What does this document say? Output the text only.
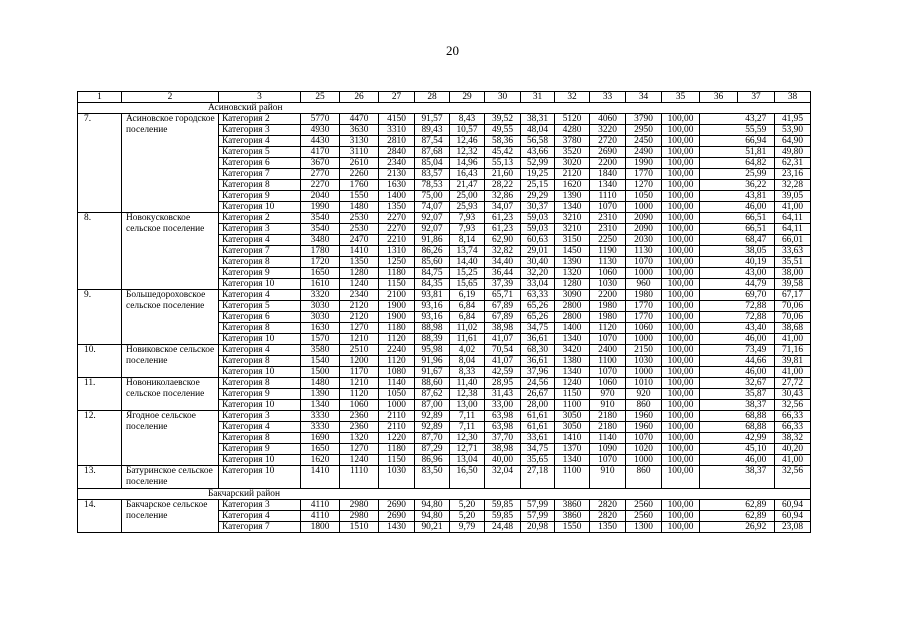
20
1	2	3	25	26	27	28	29	30	31	32	33	34	35	36	37	38
Асиновский район																
7.	Асиновское городское поселение	Категория 2	5770	4470	4150	91,57	8,43	39,52	38,31	5120	4060	3790	100,00		43,27	41,95
		Категория 3	4930	3630	3310	89,43	10,57	49,55	48,04	4280	3220	2950	100,00		55,59	53,90
		Категория 4	4430	3130	2810	87,54	12,46	58,36	56,58	3780	2720	2450	100,00		66,94	64,90
		Категория 5	4170	3110	2840	87,68	12,32	45,42	43,66	3520	2690	2490	100,00		51,81	49,80
		Категория 6	3670	2610	2340	85,04	14,96	55,13	52,99	3020	2200	1990	100,00		64,82	62,31
		Категория 7	2770	2260	2130	83,57	16,43	21,60	19,25	2120	1840	1770	100,00		25,99	23,16
		Категория 8	2270	1760	1630	78,53	21,47	28,22	25,15	1620	1340	1270	100,00		36,22	32,28
		Категория 9	2040	1550	1400	75,00	25,00	32,86	29,29	1390	1110	1050	100,00		43,81	39,05
		Категория 10	1990	1480	1350	74,07	25,93	34,07	30,37	1340	1070	1000	100,00		46,00	41,00
8.	Новокусковское сельское поселение	Категория 2	3540	2530	2270	92,07	7,93	61,23	59,03	3210	2310	2090	100,00		66,51	64,11
		Категория 3	3540	2530	2270	92,07	7,93	61,23	59,03	3210	2310	2090	100,00		66,51	64,11
		Категория 4	3480	2470	2210	91,86	8,14	62,90	60,63	3150	2250	2030	100,00		68,47	66,01
		Категория 7	1780	1410	1310	86,26	13,74	32,82	29,01	1450	1190	1130	100,00		38,05	33,63
		Категория 8	1720	1350	1250	85,60	14,40	34,40	30,40	1390	1130	1070	100,00		40,19	35,51
		Категория 9	1650	1280	1180	84,75	15,25	36,44	32,20	1320	1060	1000	100,00		43,00	38,00
		Категория 10	1610	1240	1150	84,35	15,65	37,39	33,04	1280	1030	960	100,00		44,79	39,58
9.	Большедороховское сельское поселение	Категория 4	3320	2340	2100	93,81	6,19	65,71	63,33	3090	2200	1980	100,00		69,70	67,17
		Категория 5	3030	2120	1900	93,16	6,84	67,89	65,26	2800	1980	1770	100,00		72,88	70,06
		Категория 6	3030	2120	1900	93,16	6,84	67,89	65,26	2800	1980	1770	100,00		72,88	70,06
		Категория 8	1630	1270	1180	88,98	11,02	38,98	34,75	1400	1120	1060	100,00		43,40	38,68
		Категория 10	1570	1210	1120	88,39	11,61	41,07	36,61	1340	1070	1000	100,00		46,00	41,00
10.	Новиковское сельское поселение	Категория 4	3580	2510	2240	95,98	4,02	70,54	68,30	3420	2400	2150	100,00		73,49	71,16
		Категория 8	1540	1200	1120	91,96	8,04	41,07	36,61	1380	1100	1030	100,00		44,66	39,81
		Категория 10	1500	1170	1080	91,67	8,33	42,59	37,96	1340	1070	1000	100,00		46,00	41,00
11.	Новониколаевское сельское поселение	Категория 8	1480	1210	1140	88,60	11,40	28,95	24,56	1240	1060	1010	100,00		32,67	27,72
		Категория 9	1390	1120	1050	87,62	12,38	31,43	26,67	1150	970	920	100,00		35,87	30,43
		Категория 10	1340	1060	1000	87,00	13,00	33,00	28,00	1100	910	860	100,00		38,37	32,56
12.	Ягодное сельское поселение	Категория 3	3330	2360	2110	92,89	7,11	63,98	61,61	3050	2180	1960	100,00		68,88	66,33
		Категория 4	3330	2360	2110	92,89	7,11	63,98	61,61	3050	2180	1960	100,00		68,88	66,33
		Категория 8	1690	1320	1220	87,70	12,30	37,70	33,61	1410	1140	1070	100,00		42,99	38,32
		Категория 9	1650	1270	1180	87,29	12,71	38,98	34,75	1370	1090	1020	100,00		45,10	40,20
		Категория 10	1620	1240	1150	86,96	13,04	40,00	35,65	1340	1070	1000	100,00		46,00	41,00
13.	Батуринское сельское поселение	Категория 10	1410	1110	1030	83,50	16,50	32,04	27,18	1100	910	860	100,00		38,37	32,56
Бакчарский район																
14.	Бакчарское сельское поселение	Категория 3	4110	2980	2690	94,80	5,20	59,85	57,99	3860	2820	2560	100,00		62,89	60,94
		Категория 4	4110	2980	2690	94,80	5,20	59,85	57,99	3860	2820	2560	100,00		62,89	60,94
		Категория 7	1800	1510	1430	90,21	9,79	24,48	20,98	1550	1350	1300	100,00		26,92	23,08
